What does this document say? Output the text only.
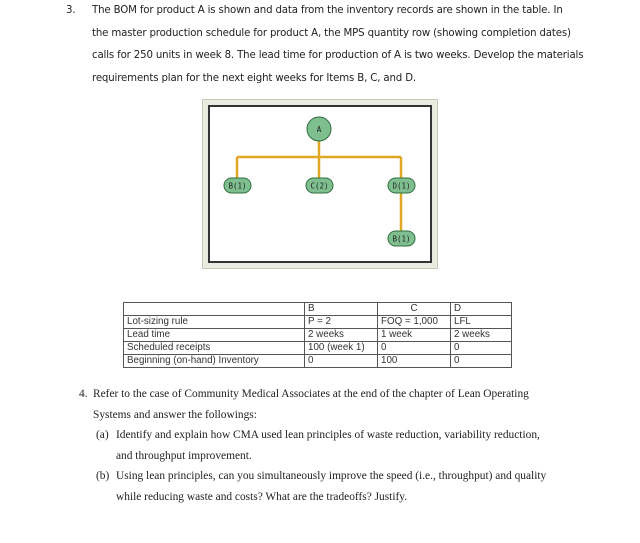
3. The BOM for product A is shown and data from the inventory records are shown in the table. In
the master production schedule for product A, the MPS quantity row (showing completion dates)
calls for 250 units in week 8. The lead time for production of A is two weeks. Develop the materials
requirements plan for the next eight weeks for Items B, C, and D.
A
B(1)	C(2)	D(1)
B(1)
	B	C	D
Lot-sizing rule	P = 2	FOQ = 1,000	LFL
Lead time	2 weeks	1 week	2 weeks
Scheduled receipts	100 (week 1)	0	0
Beginning (on-hand) Inventory	0	100	0
4. Refer to the case of Community Medical Associates at the end of the chapter of Lean Operating
Systems and answer the followings:
(a) Identify and explain how CMA used lean principles of waste reduction, variability reduction,
and throughput improvement.
(b) Using lean principles, can you simultaneously improve the speed (i.e., throughput) and quality
while reducing waste and costs? What are the tradeoffs? Justify.
